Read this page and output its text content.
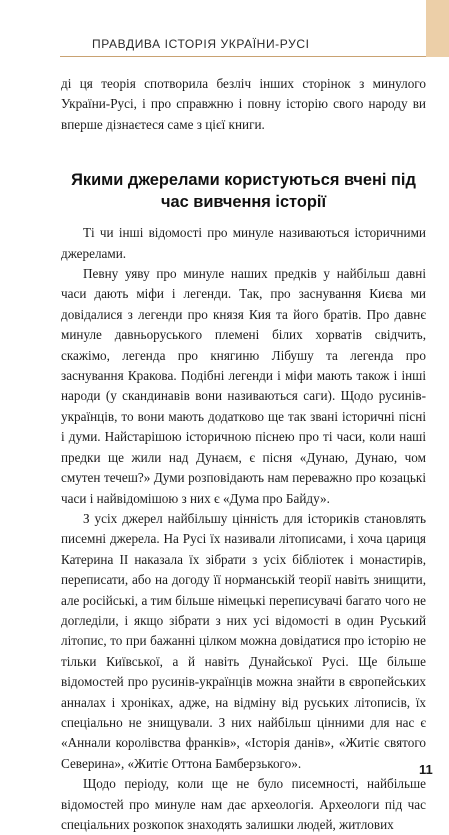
ПРАВДИВА ІСТОРІЯ УКРАЇНИ-РУСІ

ді ця теорія спотворила безліч інших сторінок з минулого України-Русі, і про справжню і повну історію свого народу ви вперше дізнаєтеся саме з цієї книги.

Якими джерелами користуються вчені під час вивчення історії

Ті чи інші відомості про минуле називаються історичними джерелами.

Певну уяву про минуле наших предків у найбільш давні часи дають міфи і легенди. Так, про заснування Києва ми довідалися з легенди про князя Кия та його братів. Про давнє минуле давньоруського племені білих хорватів свідчить, скажімо, легенда про княгиню Лібушу та легенда про заснування Кракова. Подібні легенди і міфи мають також і інші народи (у скандинавів вони називаються саги). Щодо русинів-українців, то вони мають додатково ще так звані історичні пісні і думи. Найстарішою історичною піснею про ті часи, коли наші предки ще жили над Дунаєм, є пісня «Дунаю, Дунаю, чом смутен течеш?» Думи розповідають нам переважно про козацькі часи і найвідомішою з них є «Дума про Байду».

З усіх джерел найбільшу цінність для істориків становлять писемні джерела. На Русі їх називали літописами, і хоча цариця Катерина ІІ наказала їх зібрати з усіх бібліотек і монастирів, переписати, або на догоду її норманській теорії навіть знищити, але російські, а тим більше німецькі переписувачі багато чого не догледіли, і якщо зібрати з них усі відомості в один Руський літопис, то при бажанні цілком можна довідатися про історію не тільки Київської, а й навіть Дунайської Русі. Ще більше відомостей про русинів-українців можна знайти в європейських анналах і хроніках, адже, на відміну від руських літописів, їх спеціально не знищували. З них найбільш цінними для нас є «Аннали королівства франків», «Історія данів», «Житіє святого Северина», «Житіє Оттона Бамберзького».

Щодо періоду, коли ще не було писемності, найбільше відомостей про минуле нам дає археологія. Археологи під час спеціальних розкопок знаходять залишки людей, житлових

11
